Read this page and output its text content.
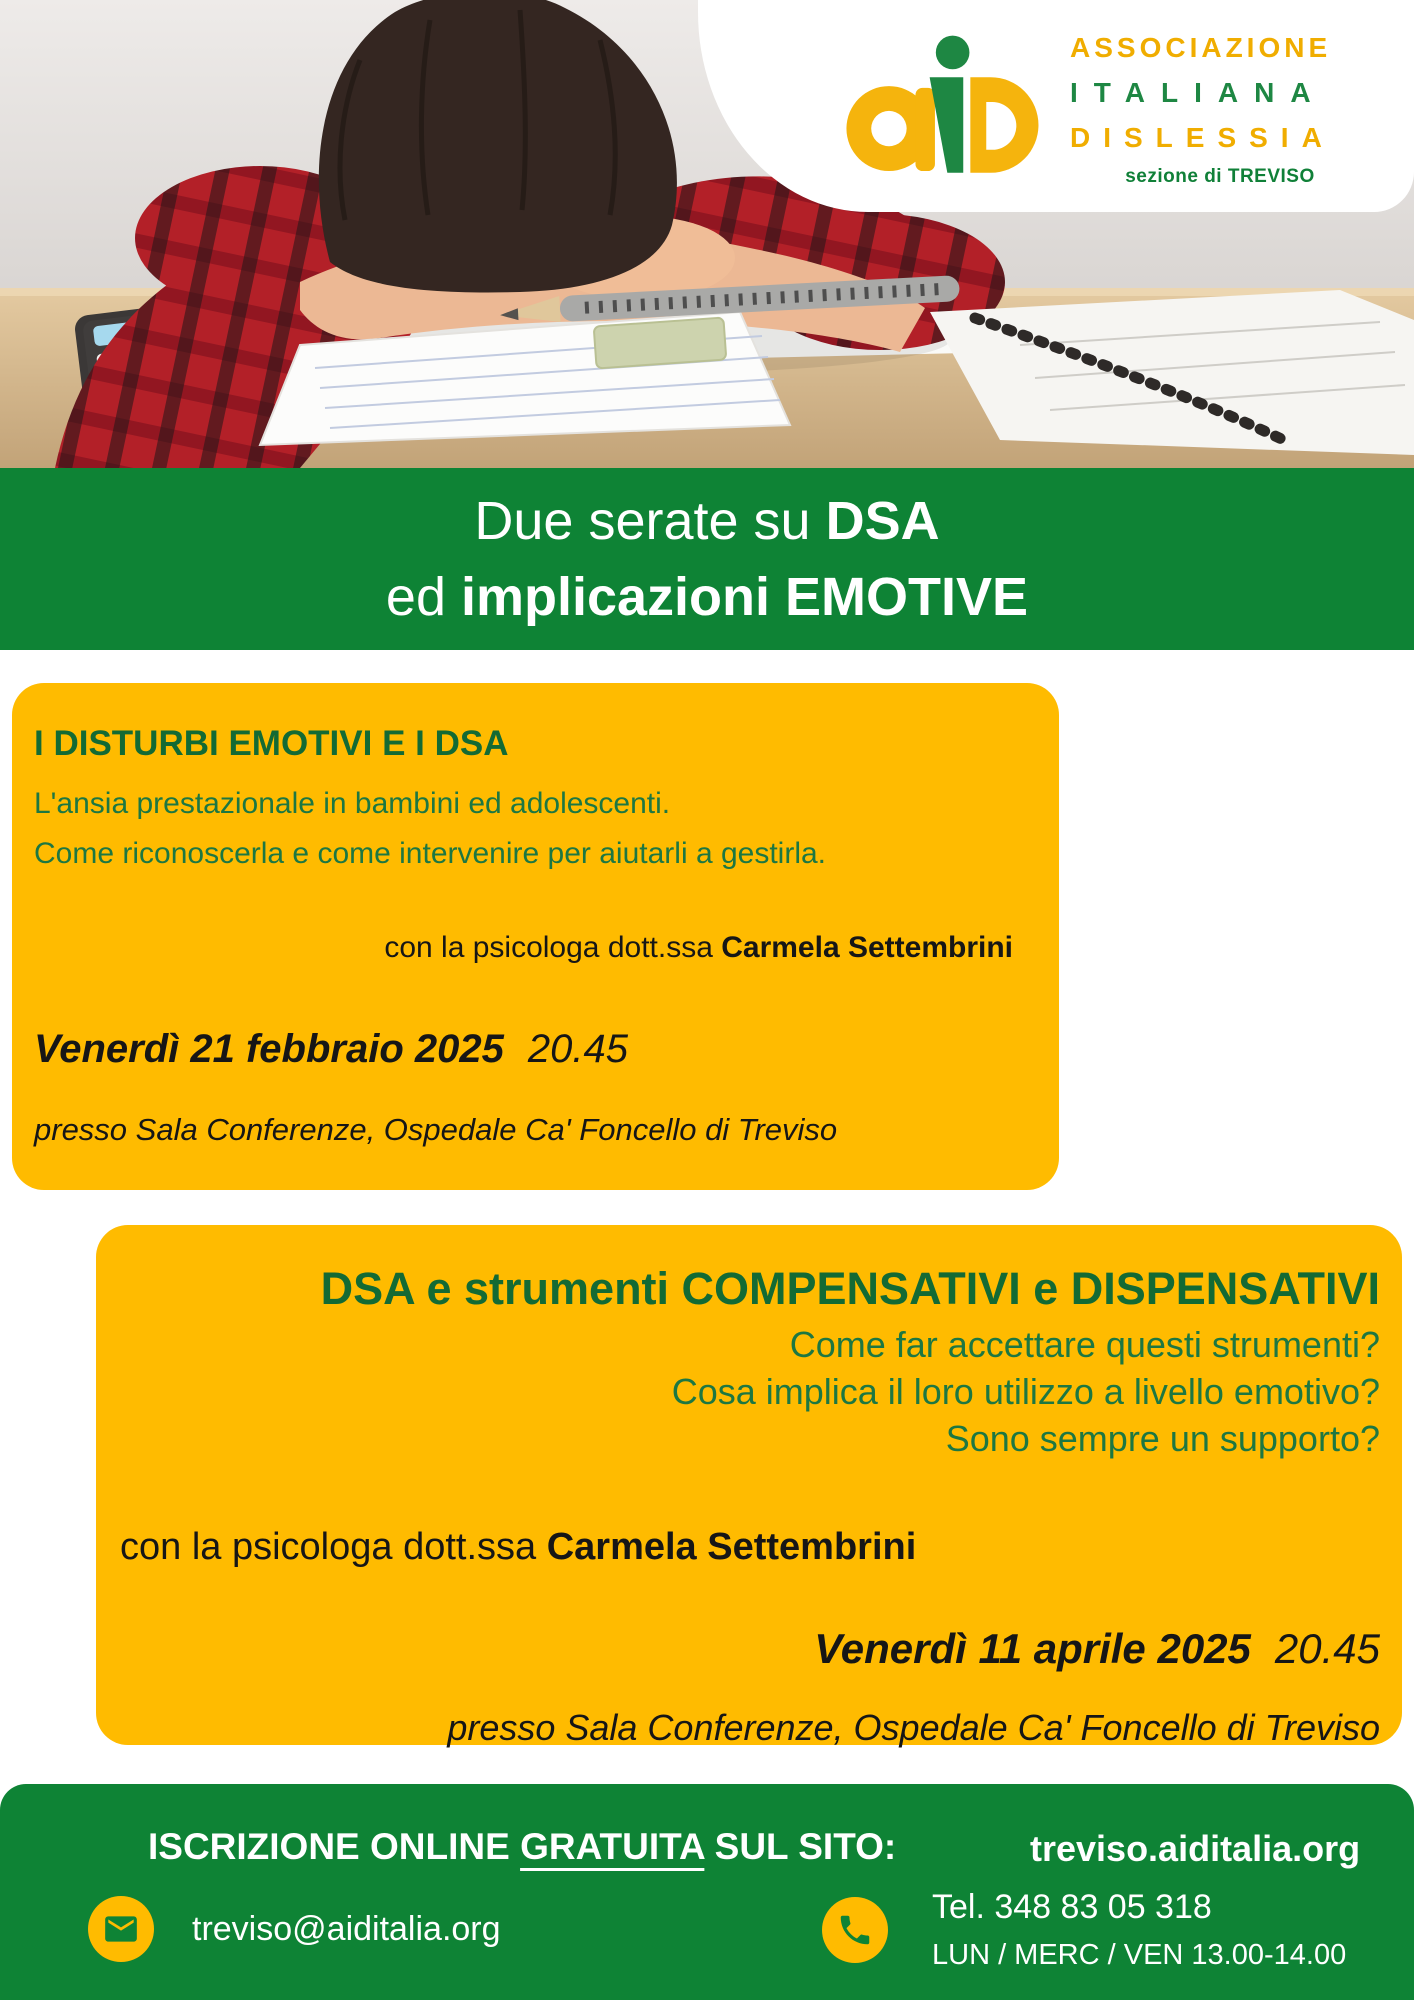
ASSOCIAZIONE
ITALIANA
DISLESSIA
sezione di TREVISO
Due serate su DSA
ed implicazioni EMOTIVE
I DISTURBI EMOTIVI E I DSA
L'ansia prestazionale in bambini ed adolescenti.
Come riconoscerla e come intervenire per aiutarli a gestirla.
con la psicologa dott.ssa Carmela Settembrini
Venerdì 21 febbraio 2025 20.45
presso Sala Conferenze, Ospedale Ca' Foncello di Treviso
DSA e strumenti COMPENSATIVI e DISPENSATIVI
Come far accettare questi strumenti?
Cosa implica il loro utilizzo a livello emotivo?
Sono sempre un supporto?
con la psicologa dott.ssa Carmela Settembrini
Venerdì 11 aprile 2025 20.45
presso Sala Conferenze, Ospedale Ca' Foncello di Treviso
ISCRIZIONE ONLINE GRATUITA SUL SITO:	treviso.aiditalia.org
treviso@aiditalia.org
Tel. 348 83 05 318
LUN / MERC / VEN 13.00-14.00
